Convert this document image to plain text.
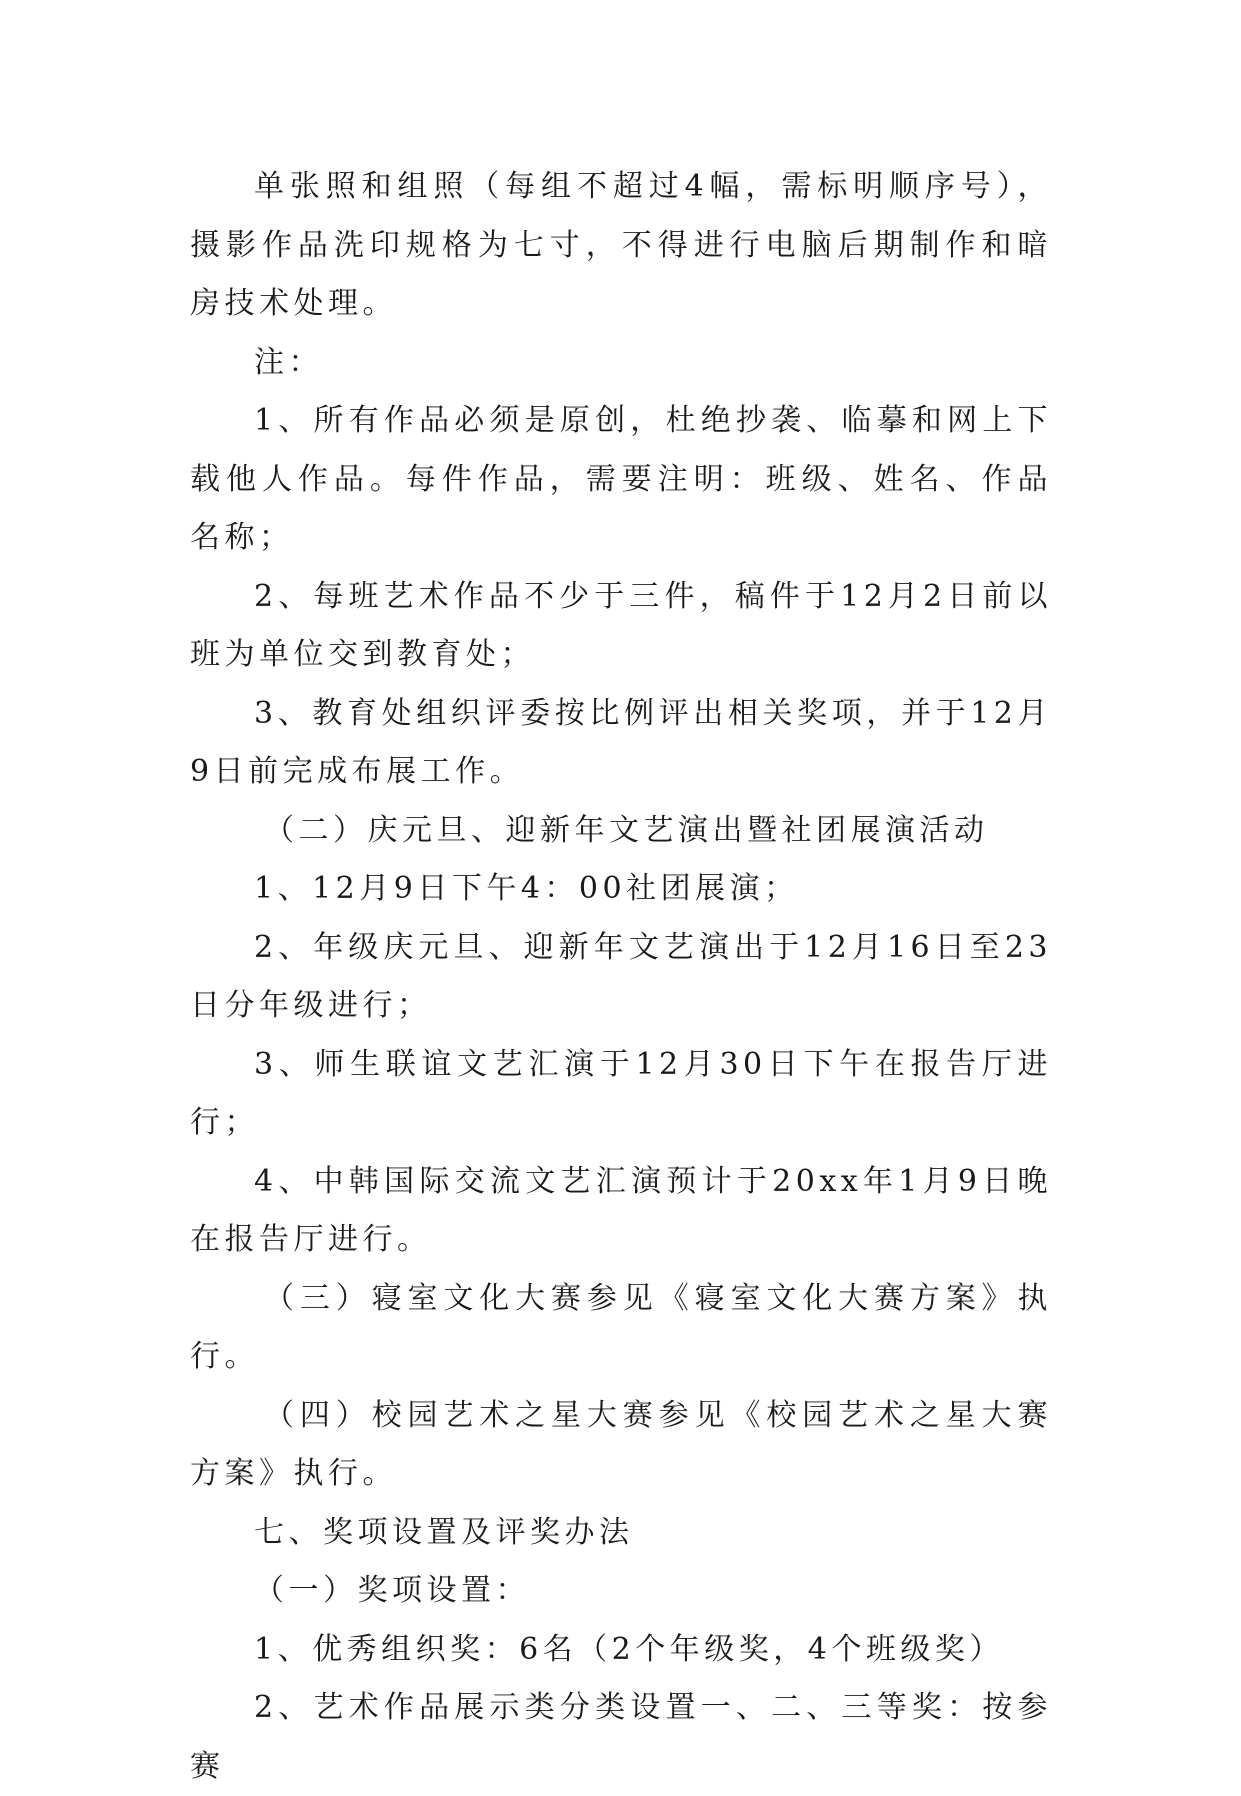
单张照和组照（每组不超过4幅，需标明顺序号），摄影作品洗印规格为七寸，不得进行电脑后期制作和暗房技术处理。

注：

1、所有作品必须是原创，杜绝抄袭、临摹和网上下载他人作品。每件作品，需要注明：班级、姓名、作品名称；

2、每班艺术作品不少于三件，稿件于12月2日前以班为单位交到教育处；

3、教育处组织评委按比例评出相关奖项，并于12月9日前完成布展工作。

（二）庆元旦、迎新年文艺演出暨社团展演活动

1、12月9日下午4：00社团展演；

2、年级庆元旦、迎新年文艺演出于12月16日至23日分年级进行；

3、师生联谊文艺汇演于12月30日下午在报告厅进行；

4、中韩国际交流文艺汇演预计于20xx年1月9日晚在报告厅进行。

（三）寝室文化大赛参见《寝室文化大赛方案》执行。

（四）校园艺术之星大赛参见《校园艺术之星大赛方案》执行。

七、奖项设置及评奖办法

（一）奖项设置：

1、优秀组织奖：6名（2个年级奖，4个班级奖）

2、艺术作品展示类分类设置一、二、三等奖：按参赛
